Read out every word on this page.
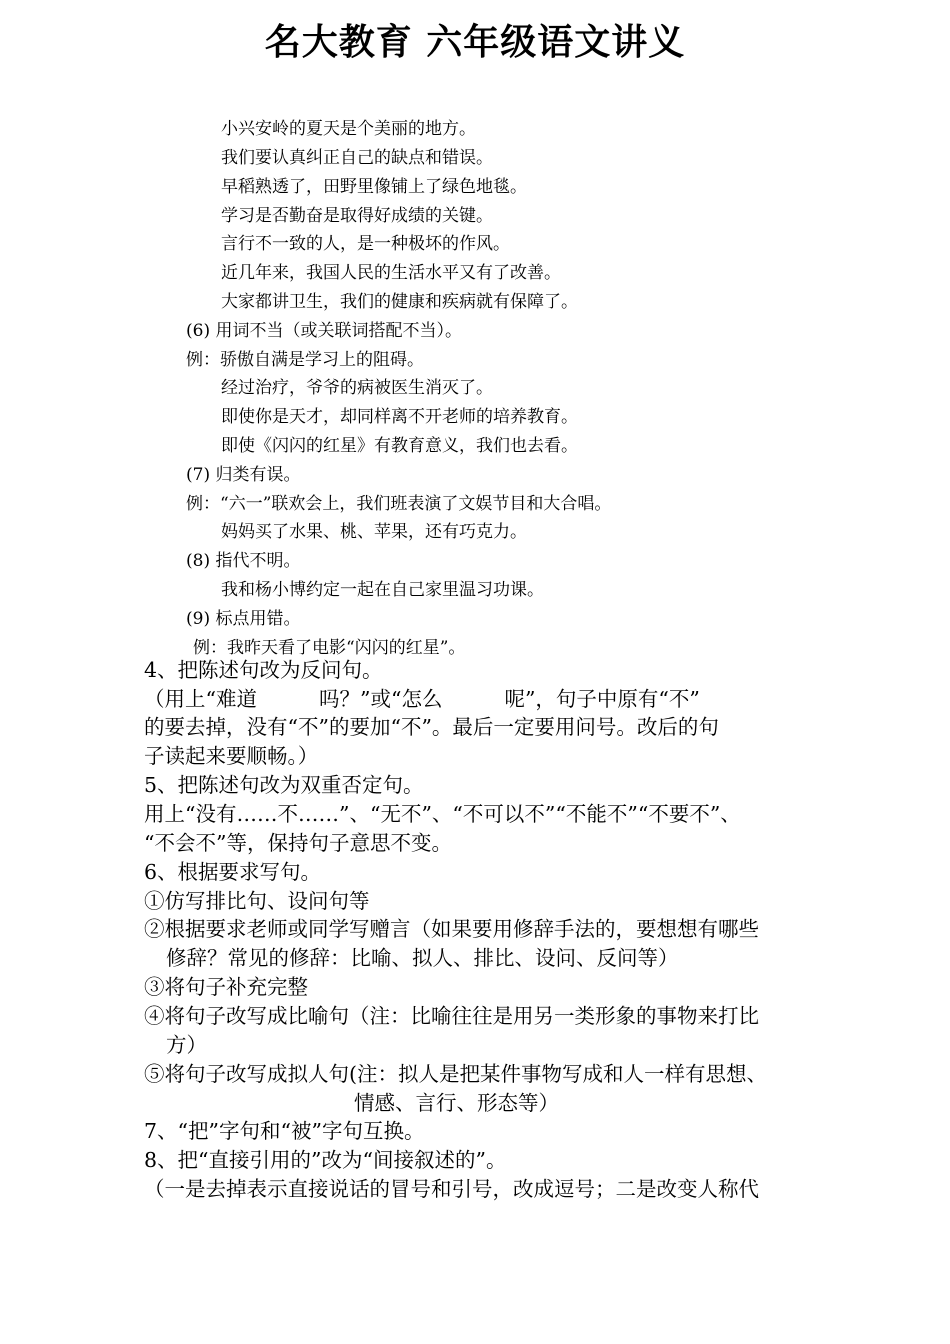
名大教育 六年级语文讲义
小兴安岭的夏天是个美丽的地方。
我们要认真纠正自己的缺点和错误。
早稻熟透了，田野里像铺上了绿色地毯。
学习是否勤奋是取得好成绩的关键。
言行不一致的人，是一种极坏的作风。
近几年来，我国人民的生活水平又有了改善。
大家都讲卫生，我们的健康和疾病就有保障了。
(6) 用词不当（或关联词搭配不当）。
例：骄傲自满是学习上的阻碍。
经过治疗，爷爷的病被医生消灭了。
即使你是天才，却同样离不开老师的培养教育。
即使《闪闪的红星》有教育意义，我们也去看。
(7) 归类有误。
例：“六一”联欢会上，我们班表演了文娱节目和大合唱。
妈妈买了水果、桃、苹果，还有巧克力。
(8) 指代不明。
我和杨小博约定一起在自己家里温习功课。
(9) 标点用错。
例：我昨天看了电影“闪闪的红星”。
4、把陈述句改为反问句。
（用上“难道	吗？”或“怎么	呢”，句子中原有“不”
的要去掉，没有“不”的要加“不”。最后一定要用问号。改后的句
子读起来要顺畅。）
5、把陈述句改为双重否定句。
用上“没有……不……”、“无不”、“不可以不”“不能不”“不要不”、
“不会不”等，保持句子意思不变。
6、根据要求写句。
①仿写排比句、设问句等
②根据要求老师或同学写赠言（如果要用修辞手法的，要想想有哪些
修辞？常见的修辞：比喻、拟人、排比、设问、反问等）
③将句子补充完整
④将句子改写成比喻句（注：比喻往往是用另一类形象的事物来打比
方）
⑤将句子改写成拟人句(注：拟人是把某件事物写成和人一样有思想、
情感、言行、形态等）
7、“把”字句和“被”字句互换。
8、把“直接引用的”改为“间接叙述的”。
（一是去掉表示直接说话的冒号和引号，改成逗号；二是改变人称代
